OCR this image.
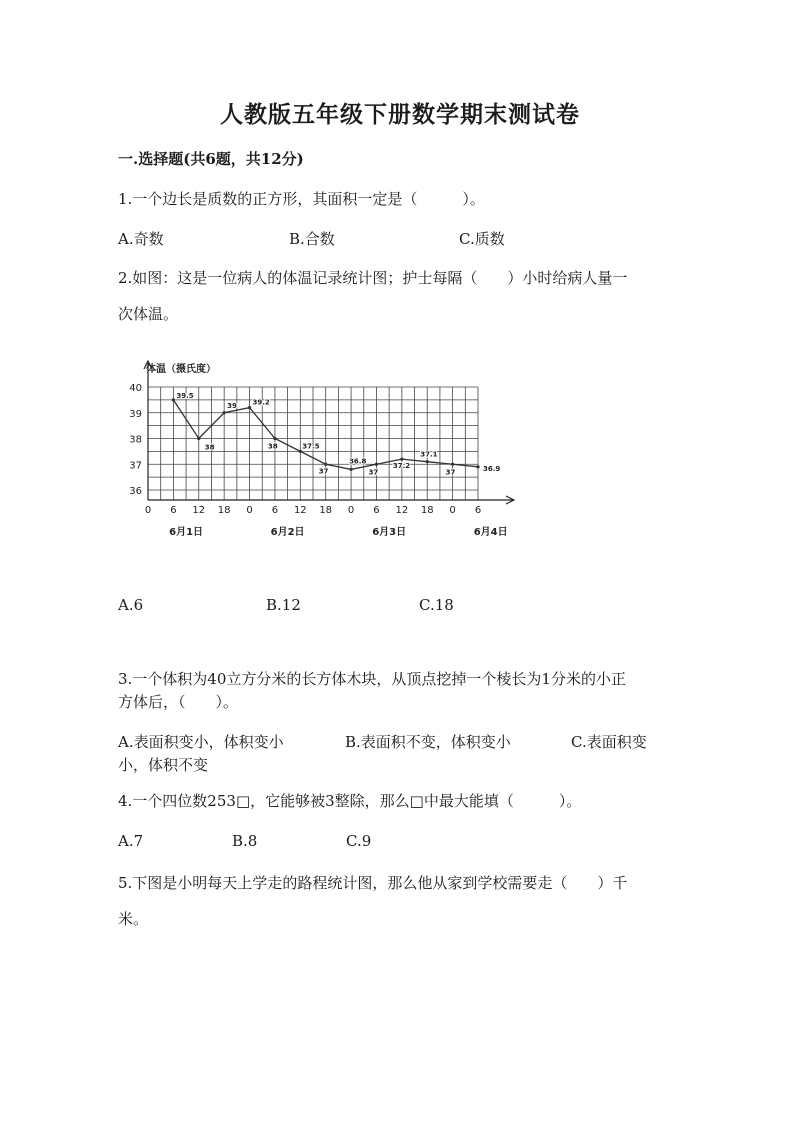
人教版五年级下册数学期末测试卷
一.选择题(共6题，共12分)
1.一个边长是质数的正方形，其面积一定是（　　　）。
A.奇数	B.合数	C.质数
2.如图：这是一位病人的体温记录统计图；护士每隔（　　）小时给病人量一
次体温。
体温（摄氏度）
36
37
38
39
40
0 6 12 18 0 6 12 18 0 6 12 18 0 6
6月1日	6月2日	6月3日	6月4日
39.5
38
39 39.2
38	37.5
37
36.8
37
37.2
37.1
37	36.9
A.6	B.12	C.18
3.一个体积为40立方分米的长方体木块，从顶点挖掉一个棱长为1分米的小正
方体后，（　　）。
A.表面积变小，体积变小	B.表面积不变，体积变小	C.表面积变
小，体积不变
4.一个四位数253□，它能够被3整除，那么□中最大能填（　　　）。
A.7	B.8	C.9
5.下图是小明每天上学走的路程统计图，那么他从家到学校需要走（　　）千
米。
